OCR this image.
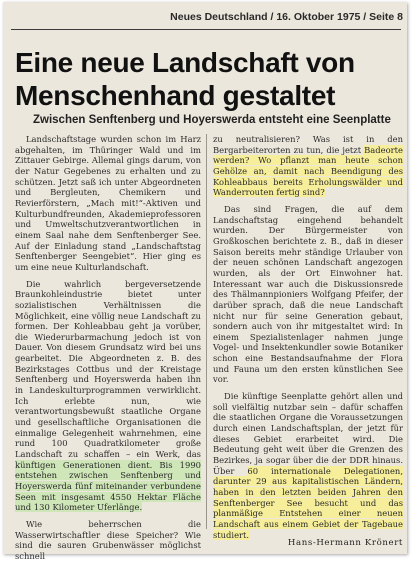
Neues Deutschland / 16. Oktober 1975 / Seite 8
Eine neue Landschaft von
Menschenhand gestaltet
Zwischen Senftenberg und Hoyerswerda entsteht eine Seenplatte

Landschaftstage wurden schon im Harz abgehalten, im Thüringer Wald und im Zittauer Gebirge. Allemal gings darum, von der Natur Gegebenes zu erhalten und zu schützen. Jetzt saß ich unter Abgeordneten und Bergleuten, Chemikern und Revierförstern, „Mach mit!“-Aktiven und Kulturbundfreunden, Akademieprofessoren und Umweltschutzverantwortlichen in einem Saal nahe dem Senftenberger See. Auf der Einladung stand „Landschaftstag Senftenberger Seengebiet“. Hier ging es um eine neue Kulturlandschaft.

Die wahrlich bergeversetzende Braunkohleindustrie bietet unter sozialistischen Verhältnissen die Möglichkeit, eine völlig neue Landschaft zu formen. Der Kohleabbau geht ja vorüber, die Wiederurbarmachung jedoch ist von Dauer. Von diesem Grundsatz wird bei uns gearbeitet. Die Abgeordneten z. B. des Bezirkstages Cottbus und der Kreistage Senftenberg und Hoyerswerda haben ihn in Landeskulturprogrammen verwirklicht. Ich erlebte nun, wie verantwortungsbewußt staatliche Organe und gesellschaftliche Organisationen die einmalige Gelegenheit wahrnehmen, eine rund 100 Quadratkilometer große Landschaft zu schaffen – ein Werk, das künftigen Generationen dient. Bis 1990 entstehen zwischen Senftenberg und Hoyerswerda fünf miteinander verbundene Seen mit insgesamt 4550 Hektar Fläche und 130 Kilometer Uferlänge.

Wie beherrschen die Wasserwirtschaftler diese Speicher? Wie sind die sauren Grubenwässer möglichst schnell

zu neutralisieren? Was ist in den Bergarbeiterorten zu tun, die jetzt Badeorte werden? Wo pflanzt man heute schon Gehölze an, damit nach Beendigung des Kohleabbaus bereits Erholungswälder und Wanderrouten fertig sind?

Das sind Fragen, die auf dem Landschaftstag eingehend behandelt wurden. Der Bürgermeister von Großkoschen berichtete z. B., daß in dieser Saison bereits mehr ständige Urlauber von der neuen schönen Landschaft angezogen wurden, als der Ort Einwohner hat. Interessant war auch die Diskussionsrede des Thälmannpioniers Wolfgang Pfeifer, der darüber sprach, daß die neue Landschaft nicht nur für seine Generation gebaut, sondern auch von ihr mitgestaltet wird: In einem Spezialistenlager nahmen junge Vogel- und Insektenkundler sowie Botaniker schon eine Bestandsaufnahme der Flora und Fauna um den ersten künstlichen See vor.

Die künftige Seenplatte gehört allen und soll vielfältig nutzbar sein – dafür schaffen die staatlichen Organe die Voraussetzungen durch einen Landschaftsplan, der jetzt für dieses Gebiet erarbeitet wird. Die Bedeutung geht weit über die Grenzen des Bezirkes, ja sogar über die der DDR hinaus. Über 60 internationale Delegationen, darunter 29 aus kapitalistischen Ländern, haben in den letzten beiden Jahren den Senftenberger See besucht und das planmäßige Entstehen einer neuen Landschaft aus einem Gebiet der Tagebaue studiert.

Hans-Hermann Krönert
